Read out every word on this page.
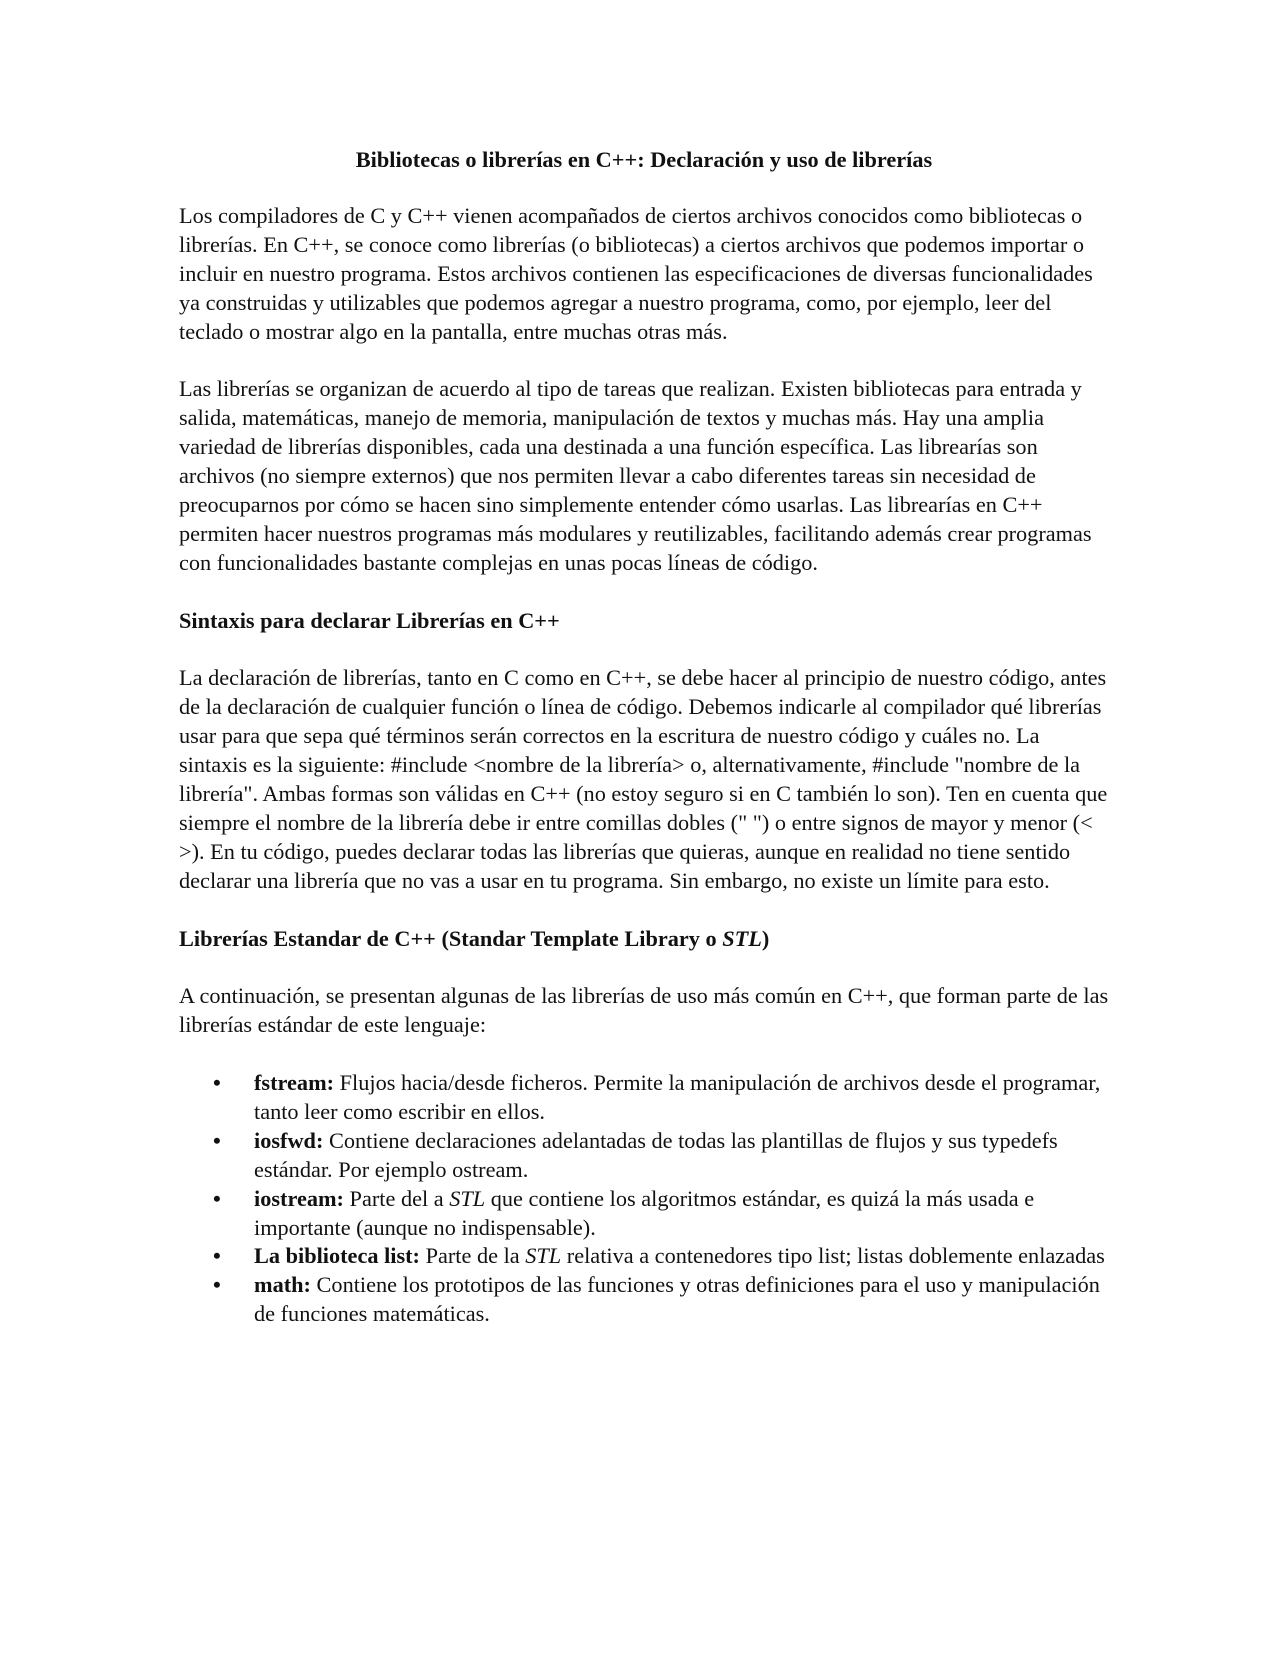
Bibliotecas o librerías en C++: Declaración y uso de librerías

Los compiladores de C y C++ vienen acompañados de ciertos archivos conocidos como bibliotecas o librerías. En C++, se conoce como librerías (o bibliotecas) a ciertos archivos que podemos importar o incluir en nuestro programa. Estos archivos contienen las especificaciones de diversas funcionalidades ya construidas y utilizables que podemos agregar a nuestro programa, como, por ejemplo, leer del teclado o mostrar algo en la pantalla, entre muchas otras más.

Las librerías se organizan de acuerdo al tipo de tareas que realizan. Existen bibliotecas para entrada y salida, matemáticas, manejo de memoria, manipulación de textos y muchas más. Hay una amplia variedad de librerías disponibles, cada una destinada a una función específica. Las librearías son archivos (no siempre externos) que nos permiten llevar a cabo diferentes tareas sin necesidad de preocuparnos por cómo se hacen sino simplemente entender cómo usarlas. Las librearías en C++ permiten hacer nuestros programas más modulares y reutilizables, facilitando además crear programas con funcionalidades bastante complejas en unas pocas líneas de código.

Sintaxis para declarar Librerías en C++

La declaración de librerías, tanto en C como en C++, se debe hacer al principio de nuestro código, antes de la declaración de cualquier función o línea de código. Debemos indicarle al compilador qué librerías usar para que sepa qué términos serán correctos en la escritura de nuestro código y cuáles no. La sintaxis es la siguiente: #include <nombre de la librería> o, alternativamente, #include "nombre de la librería". Ambas formas son válidas en C++ (no estoy seguro si en C también lo son). Ten en cuenta que siempre el nombre de la librería debe ir entre comillas dobles (" ") o entre signos de mayor y menor (< >). En tu código, puedes declarar todas las librerías que quieras, aunque en realidad no tiene sentido declarar una librería que no vas a usar en tu programa. Sin embargo, no existe un límite para esto.

Librerías Estandar de C++ (Standar Template Library o STL)

A continuación, se presentan algunas de las librerías de uso más común en C++, que forman parte de las librerías estándar de este lenguaje:

• fstream: Flujos hacia/desde ficheros. Permite la manipulación de archivos desde el programar, tanto leer como escribir en ellos.
• iosfwd: Contiene declaraciones adelantadas de todas las plantillas de flujos y sus typedefs estándar. Por ejemplo ostream.
• iostream: Parte del a STL que contiene los algoritmos estándar, es quizá la más usada e importante (aunque no indispensable).
• La biblioteca list: Parte de la STL relativa a contenedores tipo list; listas doblemente enlazadas
• math: Contiene los prototipos de las funciones y otras definiciones para el uso y manipulación de funciones matemáticas.
